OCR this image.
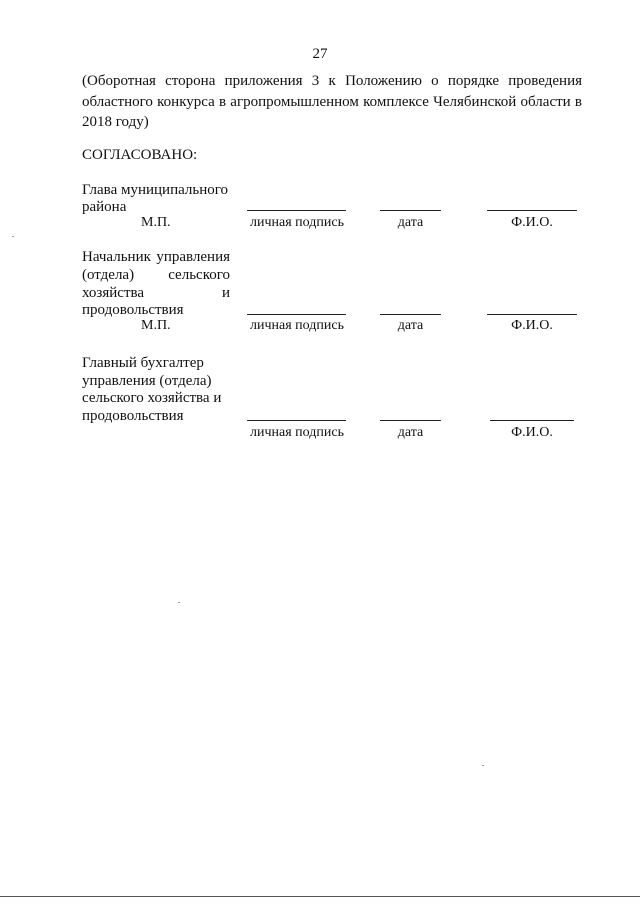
27
(Оборотная сторона приложения 3 к Положению о порядке проведения
областного конкурса в агропромышленном комплексе Челябинской области в
2018 году)
СОГЛАСОВАНО:
Глава муниципального
района
М.П.	личная подпись	дата	Ф.И.О.
Начальник управления
(отдела) сельского
хозяйства и
продовольствия
М.П.	личная подпись	дата	Ф.И.О.
Главный бухгалтер
управления (отдела)
сельского хозяйства и
продовольствия
личная подпись	дата	Ф.И.О.
